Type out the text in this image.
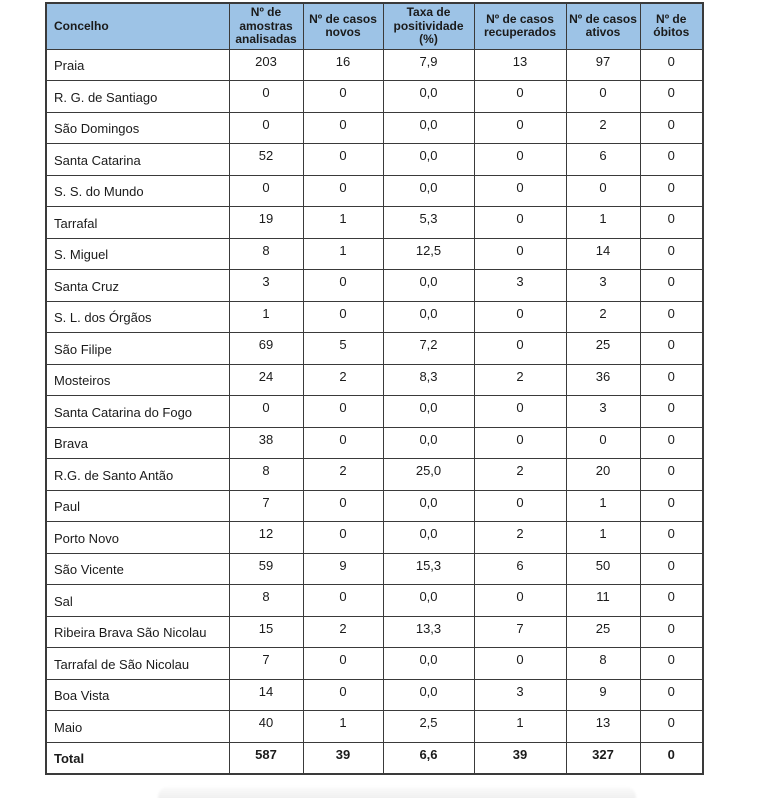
Concelho	Nº de amostras analisadas	Nº de casos novos	Taxa de positividade (%)	Nº de casos recuperados	Nº de casos ativos	Nº de óbitos
Praia	203	16	7,9	13	97	0
R. G. de Santiago	0	0	0,0	0	0	0
São Domingos	0	0	0,0	0	2	0
Santa Catarina	52	0	0,0	0	6	0
S. S. do Mundo	0	0	0,0	0	0	0
Tarrafal	19	1	5,3	0	1	0
S. Miguel	8	1	12,5	0	14	0
Santa Cruz	3	0	0,0	3	3	0
S. L. dos Órgãos	1	0	0,0	0	2	0
São Filipe	69	5	7,2	0	25	0
Mosteiros	24	2	8,3	2	36	0
Santa Catarina do Fogo	0	0	0,0	0	3	0
Brava	38	0	0,0	0	0	0
R.G. de Santo Antão	8	2	25,0	2	20	0
Paul	7	0	0,0	0	1	0
Porto Novo	12	0	0,0	2	1	0
São Vicente	59	9	15,3	6	50	0
Sal	8	0	0,0	0	11	0
Ribeira Brava São Nicolau	15	2	13,3	7	25	0
Tarrafal de São Nicolau	7	0	0,0	0	8	0
Boa Vista	14	0	0,0	3	9	0
Maio	40	1	2,5	1	13	0
Total	587	39	6,6	39	327	0
